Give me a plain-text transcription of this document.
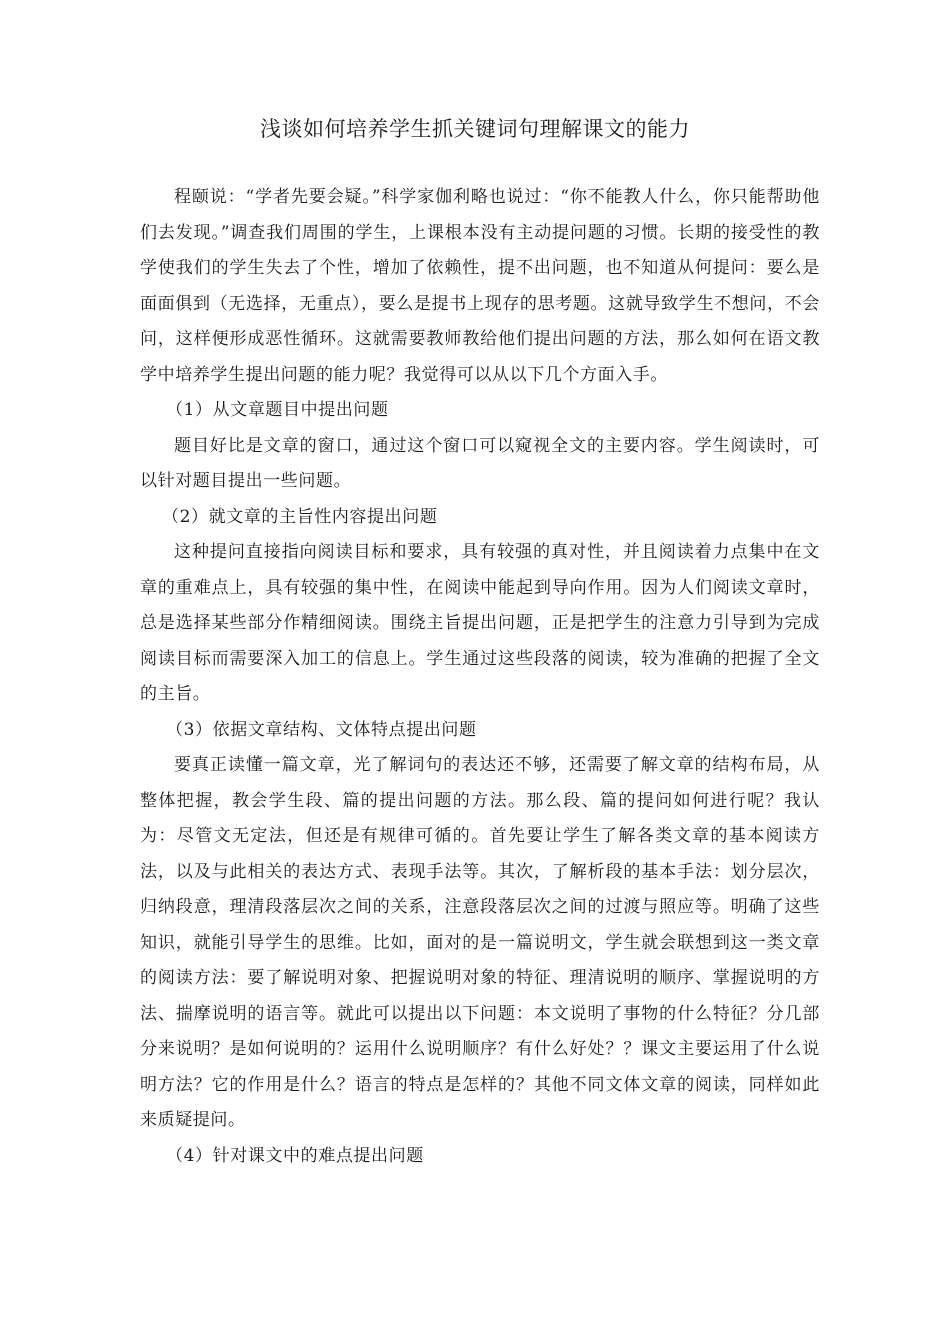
浅谈如何培养学生抓关键词句理解课文的能力

程颐说：“学者先要会疑。”科学家伽利略也说过：“你不能教人什么，你只能帮助他们去发现。”调查我们周围的学生，上课根本没有主动提问题的习惯。长期的接受性的教学使我们的学生失去了个性，增加了依赖性，提不出问题，也不知道从何提问：要么是面面俱到（无选择，无重点），要么是提书上现存的思考题。这就导致学生不想问，不会问，这样便形成恶性循环。这就需要教师教给他们提出问题的方法，那么如何在语文教学中培养学生提出问题的能力呢？我觉得可以从以下几个方面入手。

（1）从文章题目中提出问题

题目好比是文章的窗口，通过这个窗口可以窥视全文的主要内容。学生阅读时，可以针对题目提出一些问题。

（2）就文章的主旨性内容提出问题

这种提问直接指向阅读目标和要求，具有较强的真对性，并且阅读着力点集中在文章的重难点上，具有较强的集中性，在阅读中能起到导向作用。因为人们阅读文章时，总是选择某些部分作精细阅读。围绕主旨提出问题，正是把学生的注意力引导到为完成阅读目标而需要深入加工的信息上。学生通过这些段落的阅读，较为准确的把握了全文的主旨。

（3）依据文章结构、文体特点提出问题

要真正读懂一篇文章，光了解词句的表达还不够，还需要了解文章的结构布局，从整体把握，教会学生段、篇的提出问题的方法。那么段、篇的提问如何进行呢？我认为：尽管文无定法，但还是有规律可循的。首先要让学生了解各类文章的基本阅读方法，以及与此相关的表达方式、表现手法等。其次，了解析段的基本手法：划分层次，归纳段意，理清段落层次之间的关系，注意段落层次之间的过渡与照应等。明确了这些知识，就能引导学生的思维。比如，面对的是一篇说明文，学生就会联想到这一类文章的阅读方法：要了解说明对象、把握说明对象的特征、理清说明的顺序、掌握说明的方法、揣摩说明的语言等。就此可以提出以下问题：本文说明了事物的什么特征？分几部分来说明？是如何说明的？运用什么说明顺序？有什么好处？？课文主要运用了什么说明方法？它的作用是什么？语言的特点是怎样的？其他不同文体文章的阅读，同样如此来质疑提问。

（4）针对课文中的难点提出问题
